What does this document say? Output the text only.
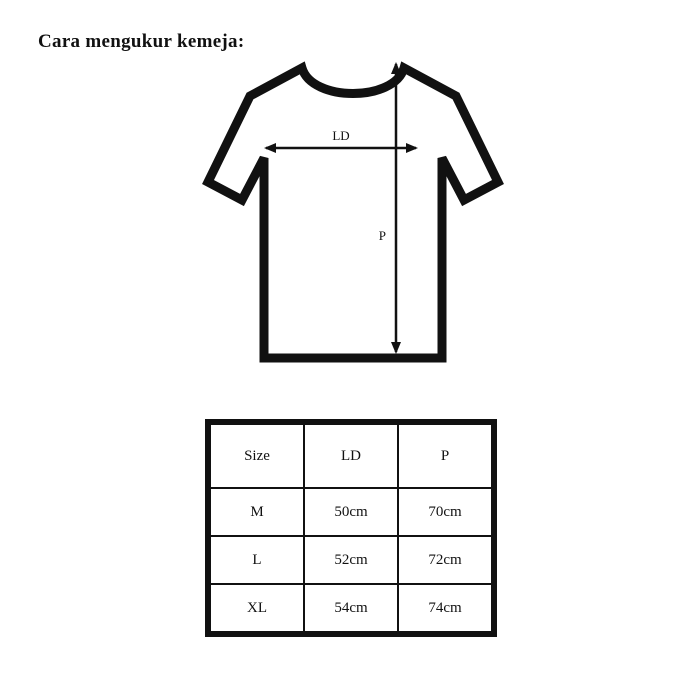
Cara mengukur kemeja:
LD
P
Size	LD	P
M	50cm	70cm
L	52cm	72cm
XL	54cm	74cm
